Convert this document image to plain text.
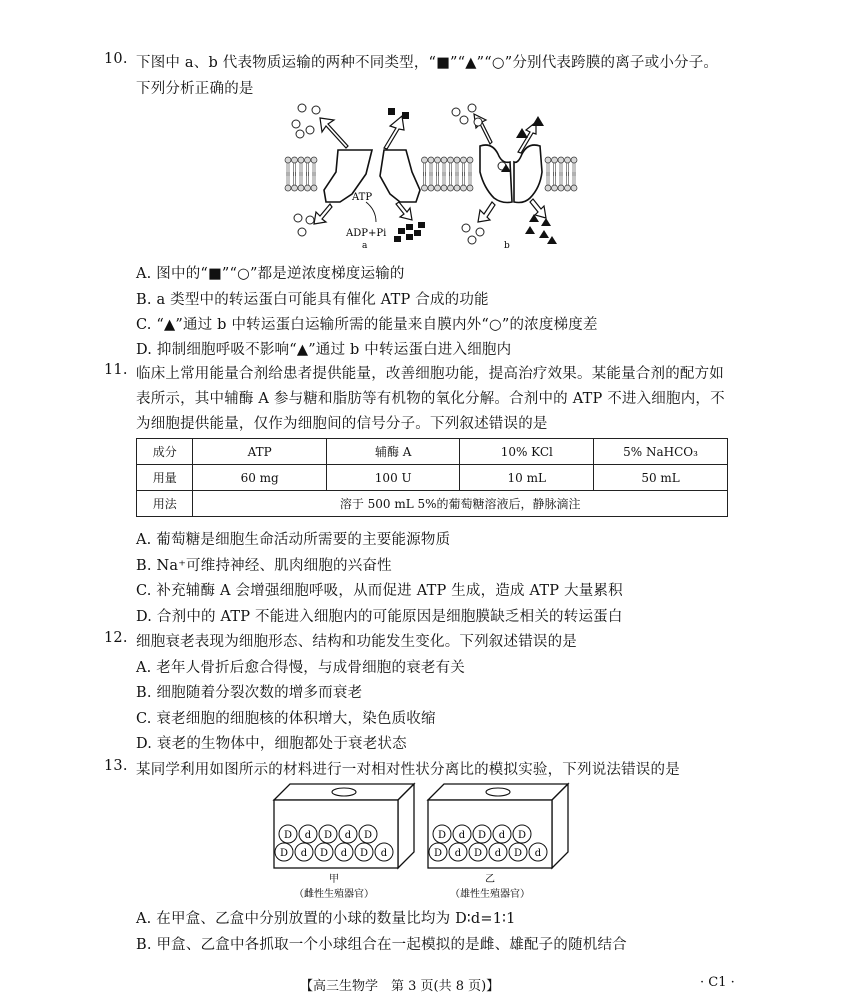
10. 下图中 a、b 代表物质运输的两种不同类型，“■”“▲”“○”分别代表跨膜的离子或小分子。
下列分析正确的是
ATP
ADP+Pi
a	b
A. 图中的“■”“○”都是逆浓度梯度运输的
B. a 类型中的转运蛋白可能具有催化 ATP 合成的功能
C. “▲”通过 b 中转运蛋白运输所需的能量来自膜内外“○”的浓度梯度差
D. 抑制细胞呼吸不影响“▲”通过 b 中转运蛋白进入细胞内
11. 临床上常用能量合剂给患者提供能量，改善细胞功能，提高治疗效果。某能量合剂的配方如
表所示，其中辅酶 A 参与糖和脂肪等有机物的氧化分解。合剂中的 ATP 不进入细胞内，不
为细胞提供能量，仅作为细胞间的信号分子。下列叙述错误的是
成分	ATP	辅酶 A	10% KCl	5% NaHCO₃
用量	60 mg	100 U	10 mL	50 mL
用法	溶于 500 mL 5%的葡萄糖溶液后，静脉滴注			
A. 葡萄糖是细胞生命活动所需要的主要能源物质
B. Na⁺可维持神经、肌肉细胞的兴奋性
C. 补充辅酶 A 会增强细胞呼吸，从而促进 ATP 生成，造成 ATP 大量累积
D. 合剂中的 ATP 不能进入细胞内的可能原因是细胞膜缺乏相关的转运蛋白
12. 细胞衰老表现为细胞形态、结构和功能发生变化。下列叙述错误的是
A. 老年人骨折后愈合得慢，与成骨细胞的衰老有关
B. 细胞随着分裂次数的增多而衰老
C. 衰老细胞的细胞核的体积增大，染色质收缩
D. 衰老的生物体中，细胞都处于衰老状态
13. 某同学利用如图所示的材料进行一对相对性状分离比的模拟实验，下列说法错误的是
D d D d D
D d D d D d
D d D d D
D d D d D d
甲
（雌性生殖器官）
乙
（雄性生殖器官）
A. 在甲盒、乙盒中分别放置的小球的数量比均为 D∶d=1∶1
B. 甲盒、乙盒中各抓取一个小球组合在一起模拟的是雌、雄配子的随机结合
【高三生物学　第 3 页(共 8 页)】	· C1 ·
